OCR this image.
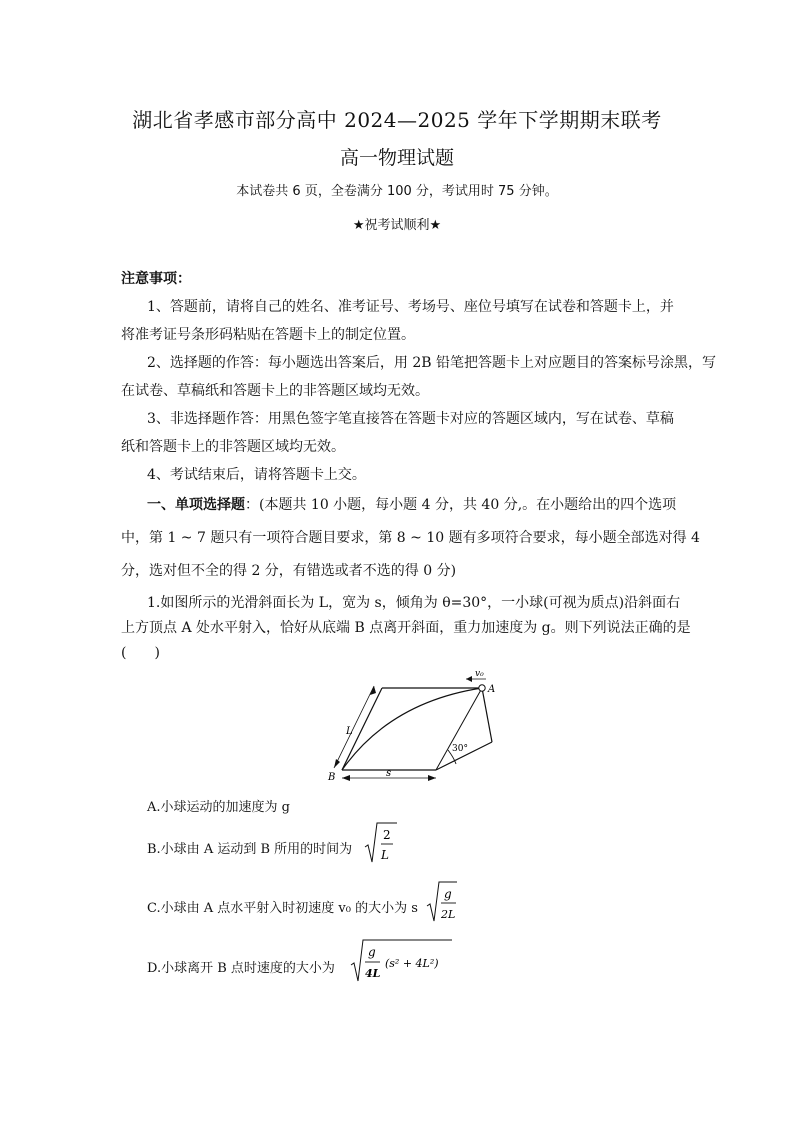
湖北省孝感市部分高中 2024—2025 学年下学期期末联考
高一物理试题
本试卷共 6 页，全卷满分 100 分，考试用时 75 分钟。
★祝考试顺利★
注意事项：
1、答题前，请将自己的姓名、准考证号、考场号、座位号填写在试卷和答题卡上，并
将准考证号条形码粘贴在答题卡上的制定位置。
2、选择题的作答：每小题选出答案后，用 2B 铅笔把答题卡上对应题目的答案标号涂黑，写
在试卷、草稿纸和答题卡上的非答题区域均无效。
3、非选择题作答：用黑色签字笔直接答在答题卡对应的答题区域内，写在试卷、草稿
纸和答题卡上的非答题区域均无效。
4、考试结束后，请将答题卡上交。
一、单项选择题：(本题共 10 小题，每小题 4 分，共 40 分,。在小题给出的四个选项
中，第 1 ~ 7 题只有一项符合题目要求，第 8 ~ 10 题有多项符合要求，每小题全部选对得 4
分，选对但不全的得 2 分，有错选或者不选的得 0 分)
1.如图所示的光滑斜面长为 L，宽为 s，倾角为 θ=30°，一小球(可视为质点)沿斜面右
上方顶点 A 处水平射入，恰好从底端 B 点离开斜面，重力加速度为 g。则下列说法正确的是
(　　)
v₀
A
B
L
s
30°
A.小球运动的加速度为 g
B.小球由 A 运动到 B 所用的时间为
2
L
C.小球由 A 点水平射入时初速度 v₀ 的大小为 s
g
2L
D.小球离开 B 点时速度的大小为
g
4L
(s² + 4L²)
